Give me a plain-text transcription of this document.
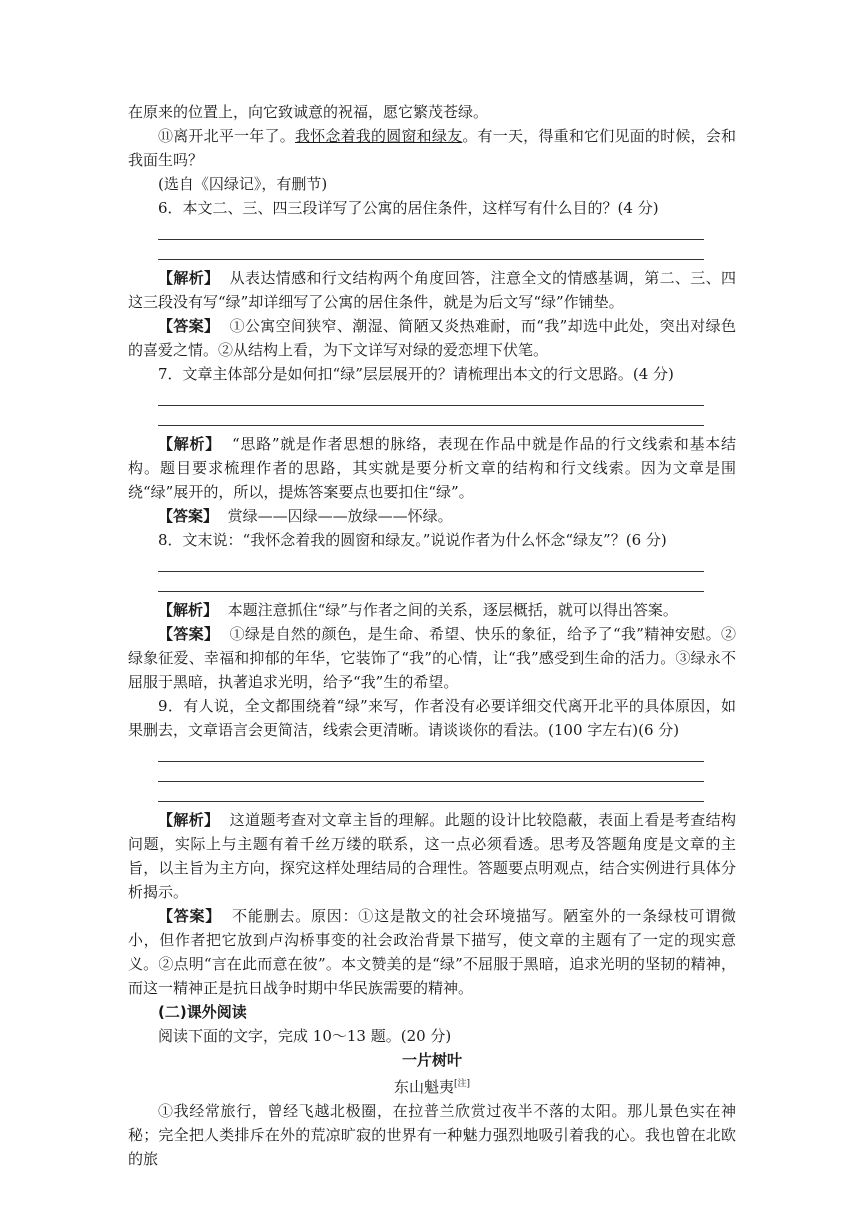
在原来的位置上，向它致诚意的祝福，愿它繁茂苍绿。

⑪离开北平一年了。我怀念着我的圆窗和绿友。有一天，得重和它们见面的时候，会和我面生吗？

(选自《囚绿记》，有删节)

6．本文二、三、四三段详写了公寓的居住条件，这样写有什么目的？(4 分)

【解析】 从表达情感和行文结构两个角度回答，注意全文的情感基调，第二、三、四这三段没有写“绿”却详细写了公寓的居住条件，就是为后文写“绿”作铺垫。

【答案】 ①公寓空间狭窄、潮湿、简陋又炎热难耐，而“我”却选中此处，突出对绿色的喜爱之情。②从结构上看，为下文详写对绿的爱恋埋下伏笔。

7．文章主体部分是如何扣“绿”层层展开的？请梳理出本文的行文思路。(4 分)

【解析】 “思路”就是作者思想的脉络，表现在作品中就是作品的行文线索和基本结构。题目要求梳理作者的思路，其实就是要分析文章的结构和行文线索。因为文章是围绕“绿”展开的，所以，提炼答案要点也要扣住“绿”。

【答案】 赏绿——囚绿——放绿——怀绿。

8．文末说：“我怀念着我的圆窗和绿友。”说说作者为什么怀念“绿友”？(6 分)

【解析】 本题注意抓住“绿”与作者之间的关系，逐层概括，就可以得出答案。

【答案】 ①绿是自然的颜色，是生命、希望、快乐的象征，给予了“我”精神安慰。②绿象征爱、幸福和抑郁的年华，它装饰了“我”的心情，让“我”感受到生命的活力。③绿永不屈服于黑暗，执著追求光明，给予“我”生的希望。

9．有人说，全文都围绕着“绿”来写，作者没有必要详细交代离开北平的具体原因，如果删去，文章语言会更简洁，线索会更清晰。请谈谈你的看法。(100 字左右)(6 分)

【解析】 这道题考查对文章主旨的理解。此题的设计比较隐蔽，表面上看是考查结构问题，实际上与主题有着千丝万缕的联系，这一点必须看透。思考及答题角度是文章的主旨，以主旨为主方向，探究这样处理结局的合理性。答题要点明观点，结合实例进行具体分析揭示。

【答案】 不能删去。原因：①这是散文的社会环境描写。陋室外的一条绿枝可谓微小，但作者把它放到卢沟桥事变的社会政治背景下描写，使文章的主题有了一定的现实意义。②点明“言在此而意在彼”。本文赞美的是“绿”不屈服于黑暗，追求光明的坚韧的精神，而这一精神正是抗日战争时期中华民族需要的精神。

(二)课外阅读

阅读下面的文字，完成 10～13 题。(20 分)

一片树叶

东山魁夷[注]

①我经常旅行，曾经飞越北极圈，在拉普兰欣赏过夜半不落的太阳。那儿景色实在神秘；完全把人类排斥在外的荒凉旷寂的世界有一种魅力强烈地吸引着我的心。我也曾在北欧的旅
